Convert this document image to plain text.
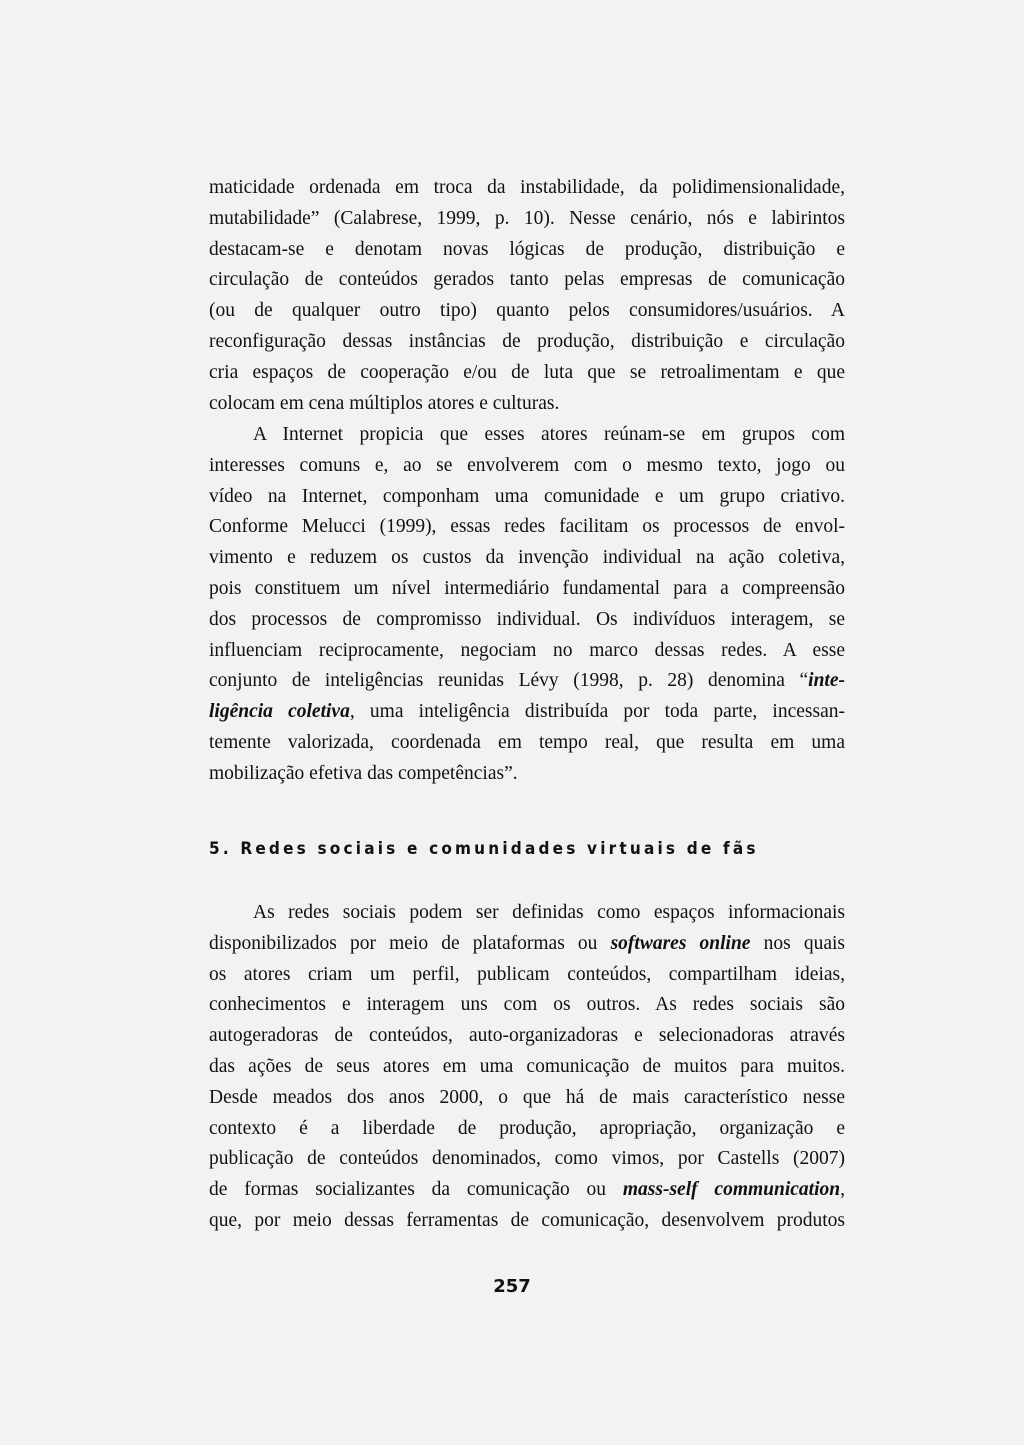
maticidade ordenada em troca da instabilidade, da polidimensionalidade,
mutabilidade” (Calabrese, 1999, p. 10). Nesse cenário, nós e labirintos
destacam-se e denotam novas lógicas de produção, distribuição e
circulação de conteúdos gerados tanto pelas empresas de comunicação
(ou de qualquer outro tipo) quanto pelos consumidores/usuários. A
reconfiguração dessas instâncias de produção, distribuição e circulação
cria espaços de cooperação e/ou de luta que se retroalimentam e que
colocam em cena múltiplos atores e culturas.
A Internet propicia que esses atores reúnam-se em grupos com
interesses comuns e, ao se envolverem com o mesmo texto, jogo ou
vídeo na Internet, componham uma comunidade e um grupo criativo.
Conforme Melucci (1999), essas redes facilitam os processos de envol-
vimento e reduzem os custos da invenção individual na ação coletiva,
pois constituem um nível intermediário fundamental para a compreensão
dos processos de compromisso individual. Os indivíduos interagem, se
influenciam reciprocamente, negociam no marco dessas redes. A esse
conjunto de inteligências reunidas Lévy (1998, p. 28) denomina “inte-
ligência coletiva, uma inteligência distribuída por toda parte, incessan-
temente valorizada, coordenada em tempo real, que resulta em uma
mobilização efetiva das competências”.
5. Redes sociais e comunidades virtuais de fãs
As redes sociais podem ser definidas como espaços informacionais
disponibilizados por meio de plataformas ou softwares online nos quais
os atores criam um perfil, publicam conteúdos, compartilham ideias,
conhecimentos e interagem uns com os outros. As redes sociais são
autogeradoras de conteúdos, auto-organizadoras e selecionadoras através
das ações de seus atores em uma comunicação de muitos para muitos.
Desde meados dos anos 2000, o que há de mais característico nesse
contexto é a liberdade de produção, apropriação, organização e
publicação de conteúdos denominados, como vimos, por Castells (2007)
de formas socializantes da comunicação ou mass-self communication,
que, por meio dessas ferramentas de comunicação, desenvolvem produtos
257
